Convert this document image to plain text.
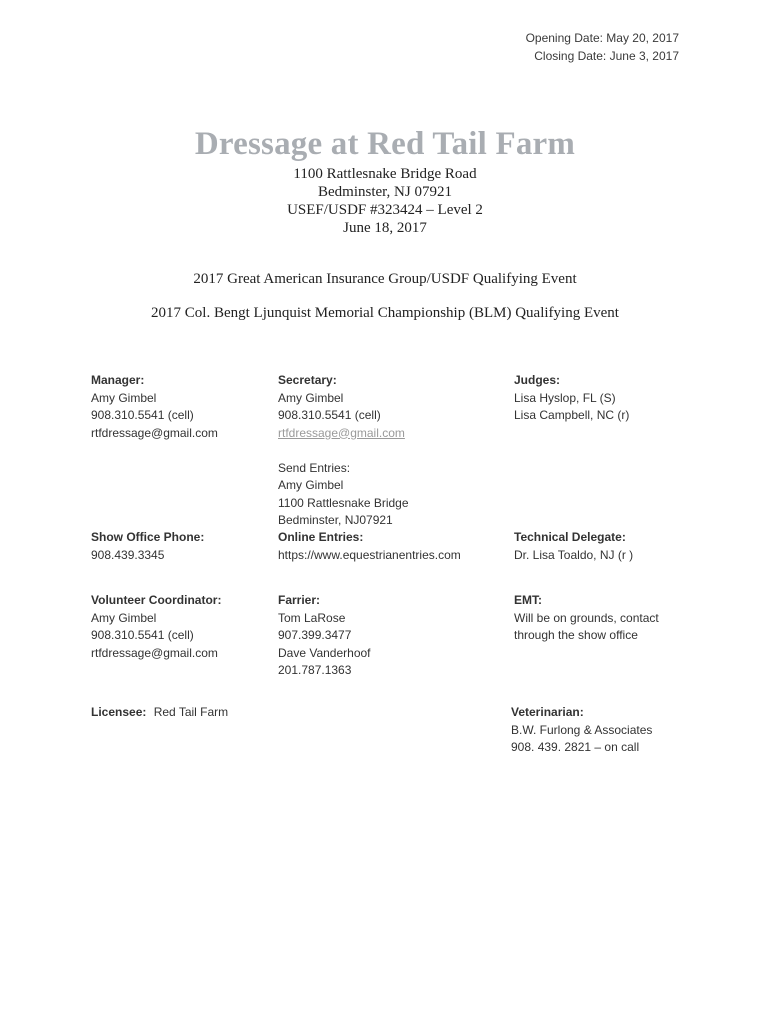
Opening Date: May 20, 2017
Closing Date: June 3, 2017
Dressage at Red Tail Farm
1100 Rattlesnake Bridge Road
Bedminster, NJ 07921
USEF/USDF #323424 – Level 2
June 18, 2017
2017 Great American Insurance Group/USDF Qualifying Event
2017 Col. Bengt Ljunquist Memorial Championship (BLM) Qualifying Event
Manager:
Amy Gimbel
908.310.5541 (cell)
rtfdressage@gmail.com
Secretary:
Amy Gimbel
908.310.5541 (cell)
rtfdressage@gmail.com
Send Entries:
Amy Gimbel
1100 Rattlesnake Bridge
Bedminster, NJ07921
Judges:
Lisa Hyslop, FL (S)
Lisa Campbell, NC (r)
Show Office Phone:
908.439.3345
Online Entries:
https://www.equestrianentries.com
Technical Delegate:
Dr. Lisa Toaldo, NJ (r )
Volunteer Coordinator:
Amy Gimbel
908.310.5541 (cell)
rtfdressage@gmail.com
Farrier:
Tom LaRose
907.399.3477
Dave Vanderhoof
201.787.1363
EMT:
Will be on grounds, contact
through the show office
Licensee: Red Tail Farm	Veterinarian:
B.W. Furlong & Associates
908. 439. 2821 – on call
